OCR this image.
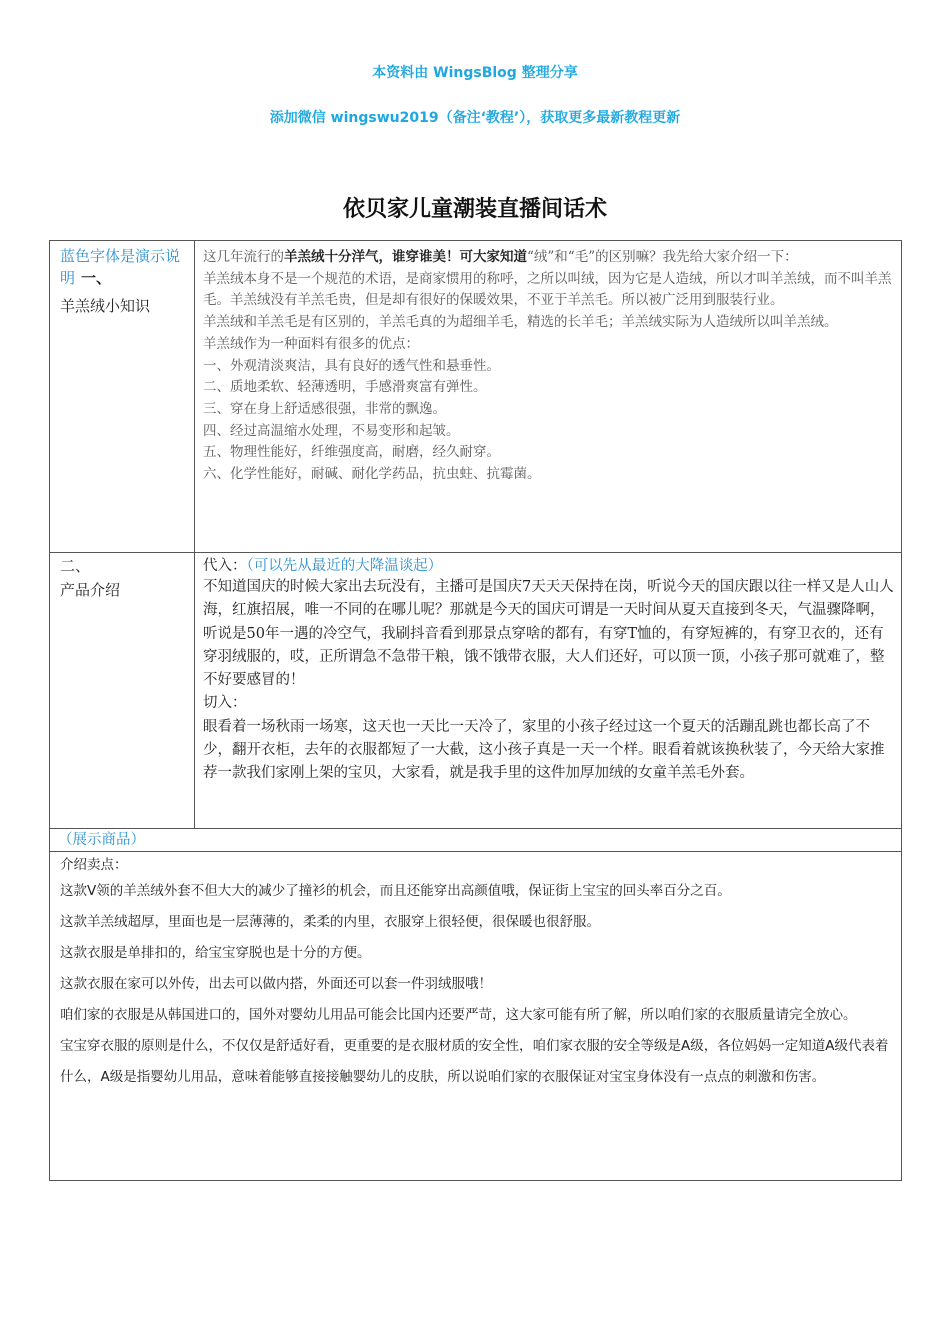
本资料由 WingsBlog 整理分享
添加微信 wingswu2019（备注‘教程’），获取更多最新教程更新
依贝家儿童潮装直播间话术
蓝色字体是演示说明 一、
羊羔绒小知识
这几年流行的羊羔绒十分洋气，谁穿谁美！可大家知道“绒”和“毛”的区别嘛？我先给大家介绍一下：
羊羔绒本身不是一个规范的术语，是商家惯用的称呼，之所以叫绒，因为它是人造绒，所以才叫羊羔绒，而不叫羊羔毛。羊羔绒没有羊羔毛贵，但是却有很好的保暖效果，不亚于羊羔毛。所以被广泛用到服装行业。
羊羔绒和羊羔毛是有区别的，羊羔毛真的为超细羊毛，精选的长羊毛；羊羔绒实际为人造绒所以叫羊羔绒。
羊羔绒作为一种面料有很多的优点：
一、外观清淡爽洁，具有良好的透气性和悬垂性。
二、质地柔软、轻薄透明，手感滑爽富有弹性。
三、穿在身上舒适感很强，非常的飘逸。
四、经过高温缩水处理，不易变形和起皱。
五、物理性能好，纤维强度高，耐磨，经久耐穿。
六、化学性能好，耐碱、耐化学药品，抗虫蛀、抗霉菌。
二、
产品介绍
代入：（可以先从最近的大降温谈起）
不知道国庆的时候大家出去玩没有，主播可是国庆7天天天保持在岗，听说今天的国庆跟以往一样又是人山人海，红旗招展，唯一不同的在哪儿呢？那就是今天的国庆可谓是一天时间从夏天直接到冬天，气温骤降啊，听说是50年一遇的冷空气，我刷抖音看到那景点穿啥的都有，有穿T恤的，有穿短裤的，有穿卫衣的，还有穿羽绒服的，哎，正所谓急不急带干粮，饿不饿带衣服，大人们还好，可以顶一顶，小孩子那可就难了，整不好要感冒的！
切入：
眼看着一场秋雨一场寒，这天也一天比一天冷了，家里的小孩子经过这一个夏天的活蹦乱跳也都长高了不少，翻开衣柜，去年的衣服都短了一大截，这小孩子真是一天一个样。眼看着就该换秋装了，今天给大家推荐一款我们家刚上架的宝贝，大家看，就是我手里的这件加厚加绒的女童羊羔毛外套。
（展示商品）
介绍卖点：
这款V领的羊羔绒外套不但大大的减少了撞衫的机会，而且还能穿出高颜值哦，保证街上宝宝的回头率百分之百。
这款羊羔绒超厚，里面也是一层薄薄的，柔柔的内里，衣服穿上很轻便，很保暖也很舒服。
这款衣服是单排扣的，给宝宝穿脱也是十分的方便。
这款衣服在家可以外传，出去可以做内搭，外面还可以套一件羽绒服哦！
咱们家的衣服是从韩国进口的，国外对婴幼儿用品可能会比国内还要严苛，这大家可能有所了解，所以咱们家的衣服质量请完全放心。
宝宝穿衣服的原则是什么，不仅仅是舒适好看，更重要的是衣服材质的安全性，咱们家衣服的安全等级是A级，各位妈妈一定知道A级代表着什么，A级是指婴幼儿用品，意味着能够直接接触婴幼儿的皮肤，所以说咱们家的衣服保证对宝宝身体没有一点点的刺激和伤害。
